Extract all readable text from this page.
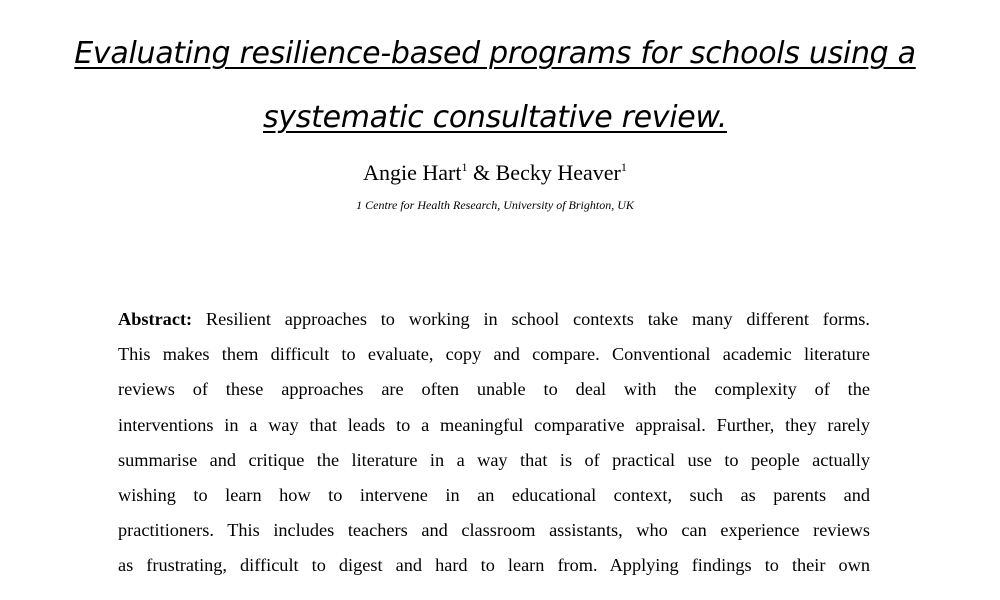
Evaluating resilience-based programs for schools using a
systematic consultative review.
Angie Hart$^1$ & Becky Heaver$^1$
1 Centre for Health Research, University of Brighton, UK
Abstract: Resilient approaches to working in school contexts take many different forms.
This makes them difficult to evaluate, copy and compare. Conventional academic literature
reviews of these approaches are often unable to deal with the complexity of the
interventions in a way that leads to a meaningful comparative appraisal. Further, they rarely
summarise and critique the literature in a way that is of practical use to people actually
wishing to learn how to intervene in an educational context, such as parents and
practitioners. This includes teachers and classroom assistants, who can experience reviews
as frustrating, difficult to digest and hard to learn from. Applying findings to their own
